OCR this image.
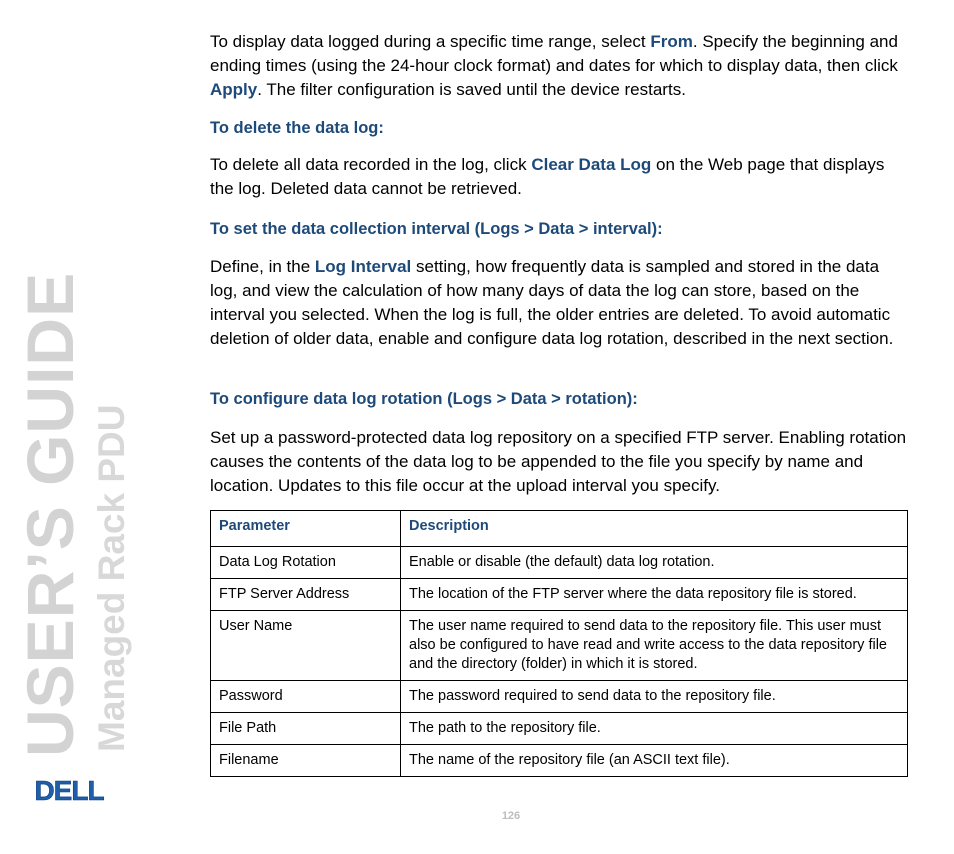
USER’S GUIDE Managed Rack PDU
DELL

To display data logged during a specific time range, select From. Specify the beginning and ending times (using the 24-hour clock format) and dates for which to display data, then click Apply. The filter configuration is saved until the device restarts.

To delete the data log:

To delete all data recorded in the log, click Clear Data Log on the Web page that displays the log. Deleted data cannot be retrieved.

To set the data collection interval (Logs > Data > interval):

Define, in the Log Interval setting, how frequently data is sampled and stored in the data log, and view the calculation of how many days of data the log can store, based on the interval you selected. When the log is full, the older entries are deleted. To avoid automatic deletion of older data, enable and configure data log rotation, described in the next section.

To configure data log rotation (Logs > Data > rotation):

Set up a password-protected data log repository on a specified FTP server. Enabling rotation causes the contents of the data log to be appended to the file you specify by name and location. Updates to this file occur at the upload interval you specify.

Parameter	Description
Data Log Rotation	Enable or disable (the default) data log rotation.
FTP Server Address	The location of the FTP server where the data repository file is stored.
User Name	The user name required to send data to the repository file. This user must also be configured to have read and write access to the data repository file and the directory (folder) in which it is stored.
Password	The password required to send data to the repository file.
File Path	The path to the repository file.
Filename	The name of the repository file (an ASCII text file).
126
